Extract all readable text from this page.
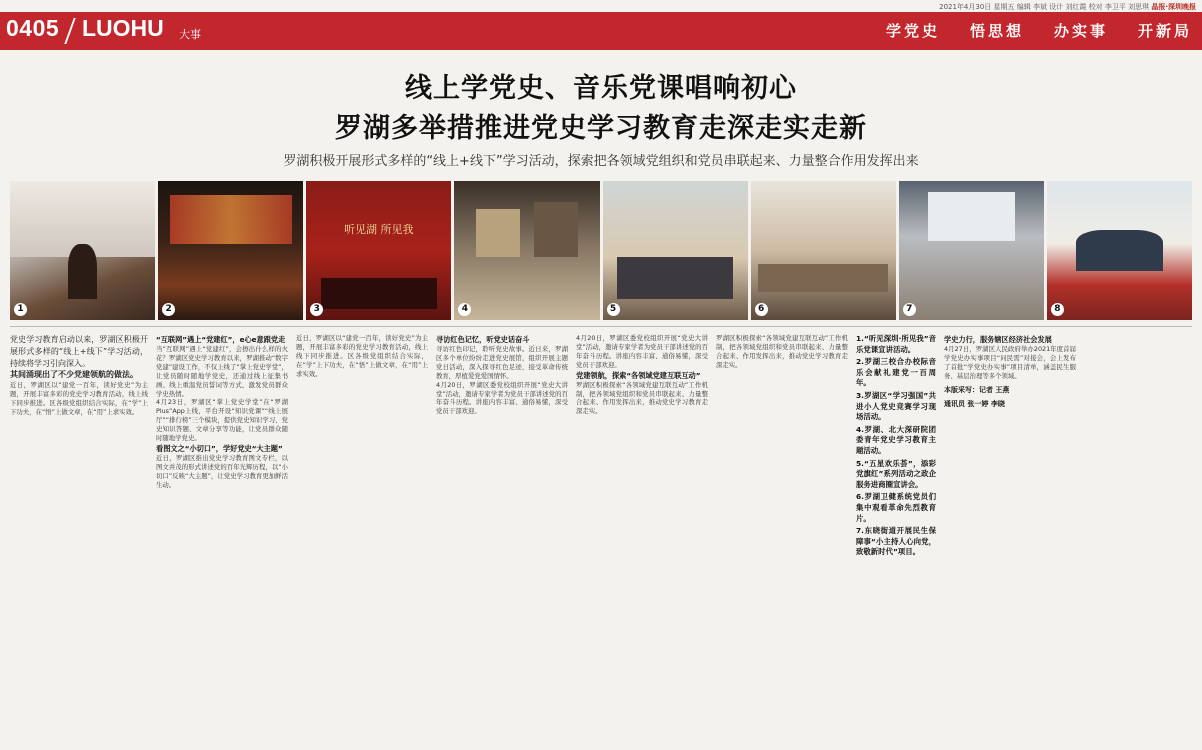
2021年4月30日 星期五 编辑 李斌 设计 刘红霞 校对 李卫平 刘思琪 晶报·深圳晚报
0405 LUOHU 大事	学党史 悟思想 办实事 开新局
线上学党史、音乐党课唱响初心
罗湖多举措推进党史学习教育走深走实走新
罗湖积极开展形式多样的“线上+线下”学习活动，探索把各领域党组织和党员串联起来、力量整合作用发挥出来
1	2
听见湖 所见我
3	4	5	6	7	8

党史学习教育启动以来，罗湖区积极开展形式多样的“线上+线下”学习活动，持续将学习引向深入。

其间涌现出了不少党建领航的做法。

近日，罗湖区以“建党一百年，读好党史”为主题，开展丰富多彩的党史学习教育活动，线上线下同步推进。区各级党组织结合实际，在“学”上下功夫，在“悟”上做文章，在“用”上求实效。

“互联网”遇上“党建红”，e心e意跟党走

当“互联网”遇上“党建红”，会擦出什么样的火花？罗湖区党史学习教育以来，罗湖推动“数字党建”建设工作，不仅上线了“掌上党史学堂”，让党员随时随地学党史，还通过线上征集书画、线上重温党员誓词等方式，激发党员群众学史热情。

4月23日，罗湖区“掌上党史学堂”在“罗湖Plus”App上线，平台开设“知识党课”“线上展厅”“排行榜”三个模块，提供党史知识学习、党史知识答题、文章分享等功能，让党员群众随时随地学党史。

看图文之“小切口”，学好党史“大主题”

近日，罗湖区推出党史学习教育图文专栏，以图文并茂的形式讲述党的百年光辉历程，以“小切口”反映“大主题”，让党史学习教育更加鲜活生动。

近日，罗湖区以“建党一百年，读好党史”为主题，开展丰富多彩的党史学习教育活动，线上线下同步推进。区各级党组织结合实际，在“学”上下功夫，在“悟”上做文章，在“用”上求实效。

寻访红色记忆，听党史话奋斗

寻访红色印记，聆听党史故事。近日来，罗湖区多个单位纷纷走进党史展馆，组织开展主题党日活动，深入探寻红色足迹，接受革命传统教育，厚植爱党爱国情怀。

4月20日，罗湖区委党校组织开展“党史大讲堂”活动，邀请专家学者为党员干部讲述党的百年奋斗历程。讲座内容丰富、通俗易懂，深受党员干部欢迎。

4月20日，罗湖区委党校组织开展“党史大讲堂”活动，邀请专家学者为党员干部讲述党的百年奋斗历程。讲座内容丰富、通俗易懂，深受党员干部欢迎。

党建领航，探索“各领域党建互联互动”

罗湖区积极探索“各领域党建互联互动”工作机制，把各领域党组织和党员串联起来、力量整合起来、作用发挥出来，推动党史学习教育走深走实。

罗湖区积极探索“各领域党建互联互动”工作机制，把各领域党组织和党员串联起来、力量整合起来、作用发挥出来，推动党史学习教育走深走实。

1.“听见深圳·所见我”音乐党课宣讲活动。
2.罗湖三校合办校际音乐会献礼建党一百周年。
3.罗湖区“学习强国”共进小人党史竞赛学习现场活动。
4.罗湖、北大深研院团委青年党史学习教育主题活动。
5.“五星欢乐荟”，添彩党旗红”系列活动之政企服务进商圈宣讲会。
6.罗湖卫健系统党员们集中观看革命先烈教育片。
7.东晓街道开展民生保障事“小主持人心向党，致敬新时代”项目。

学史力行，服务辖区经济社会发展

4月27日，罗湖区人民政府举办2021年度首届学党史办实事项目“问民需”对接会，会上发布了首批“学党史办实事”项目清单，涵盖民生服务、基层治理等多个领域。

本版采写：记者 王燕
通讯员 张一婷 李晓
